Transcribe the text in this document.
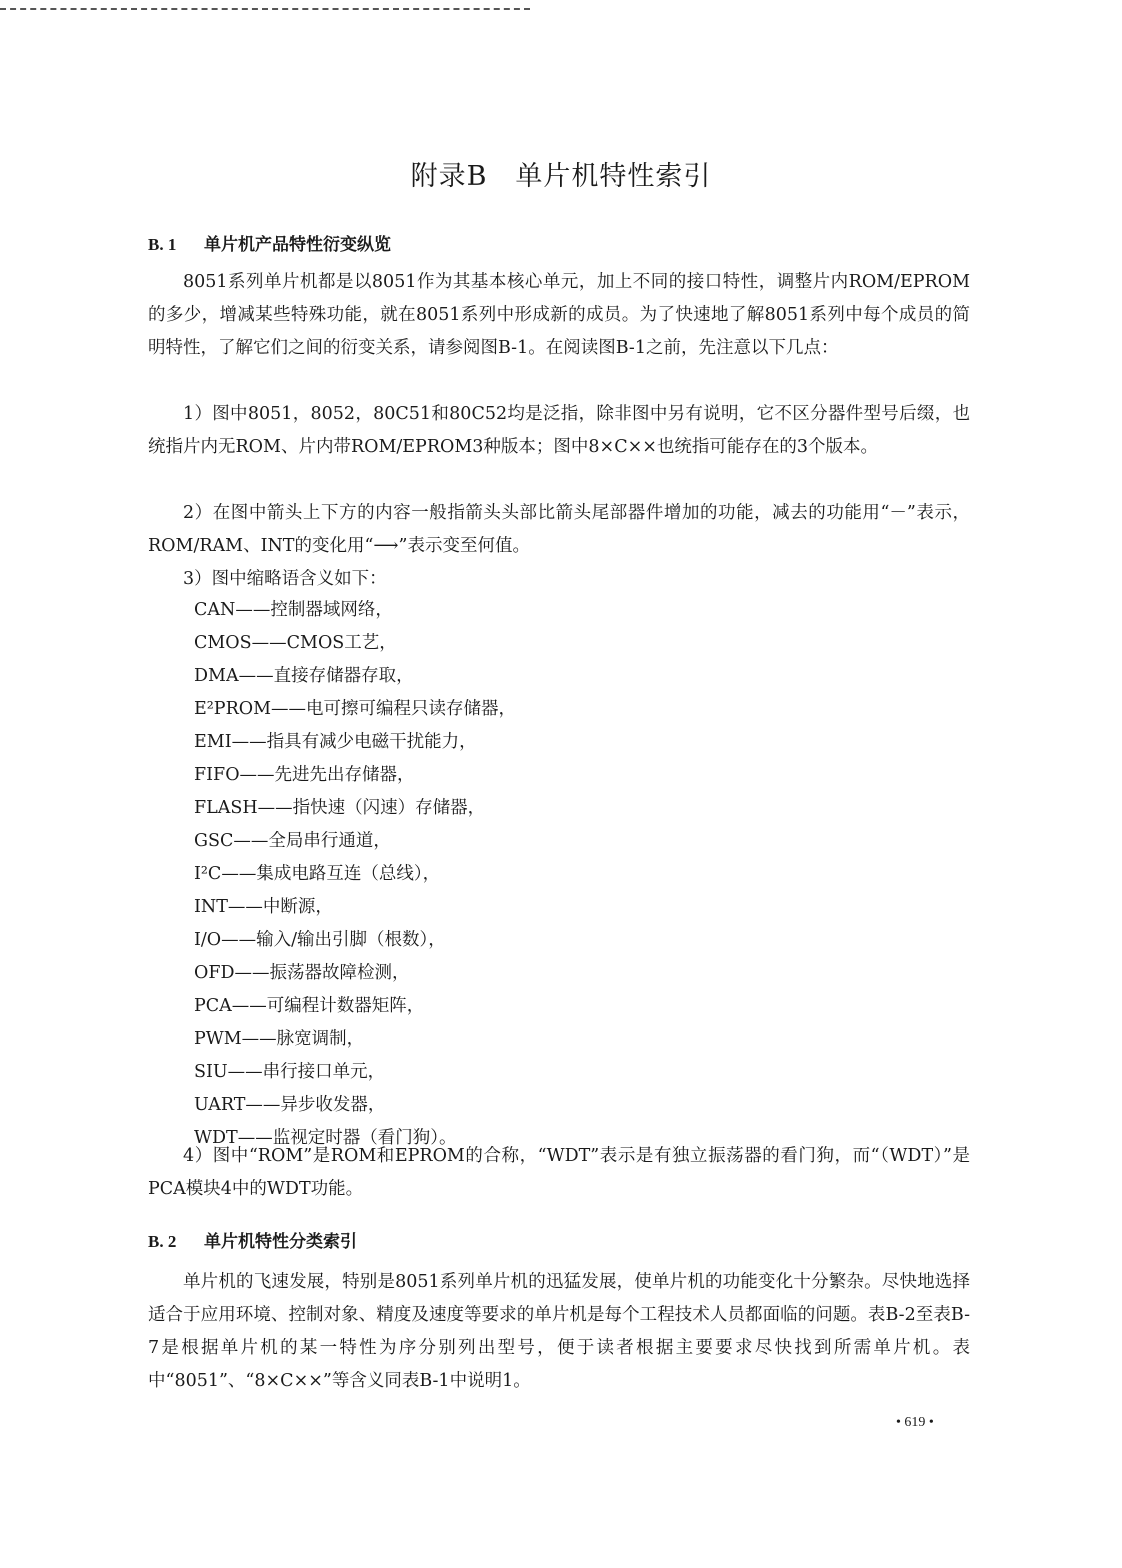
附录B　单片机特性索引
B. 1 单片机产品特性衍变纵览

8051系列单片机都是以8051作为其基本核心单元，加上不同的接口特性，调整片内ROM/EPROM的多少，增减某些特殊功能，就在8051系列中形成新的成员。为了快速地了解8051系列中每个成员的简明特性，了解它们之间的衍变关系，请参阅图B-1。在阅读图B-1之前，先注意以下几点：

1）图中8051，8052，80C51和80C52均是泛指，除非图中另有说明，它不区分器件型号后缀，也统指片内无ROM、片内带ROM/EPROM3种版本；图中8×C××也统指可能存在的3个版本。

2）在图中箭头上下方的内容一般指箭头头部比箭头尾部器件增加的功能，减去的功能用“－”表示，ROM/RAM、INT的变化用“⟶”表示变至何值。

3）图中缩略语含义如下：

CAN——控制器域网络，
CMOS——CMOS工艺，
DMA——直接存储器存取，
E²PROM——电可擦可编程只读存储器，
EMI——指具有减少电磁干扰能力，
FIFO——先进先出存储器，
FLASH——指快速（闪速）存储器，
GSC——全局串行通道，
I²C——集成电路互连（总线），
INT——中断源，
I/O——输入/输出引脚（根数），
OFD——振荡器故障检测，
PCA——可编程计数器矩阵，
PWM——脉宽调制，
SIU——串行接口单元，
UART——异步收发器，
WDT——监视定时器（看门狗）。

4）图中“ROM”是ROM和EPROM的合称，“WDT”表示是有独立振荡器的看门狗，而“（WDT）”是PCA模块4中的WDT功能。

B. 2 单片机特性分类索引

单片机的飞速发展，特别是8051系列单片机的迅猛发展，使单片机的功能变化十分繁杂。尽快地选择适合于应用环境、控制对象、精度及速度等要求的单片机是每个工程技术人员都面临的问题。表B-2至表B-7是根据单片机的某一特性为序分别列出型号，便于读者根据主要要求尽快找到所需单片机。表中“8051”、“8×C××”等含义同表B-1中说明1。

• 619 •
